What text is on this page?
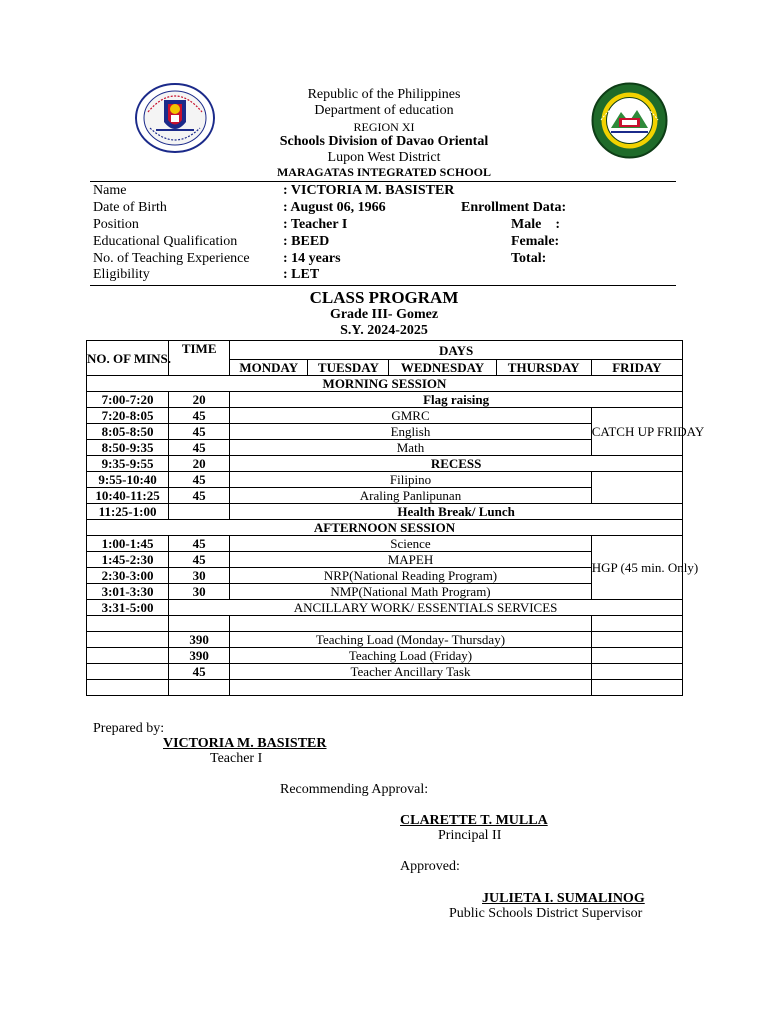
Republic of the Philippines
Department of education
REGION XI
Schools Division of Davao Oriental
Lupon West District
MARAGATAS INTEGRATED SCHOOL
Name	: VICTORIA M. BASISTER
Date of Birth	: August 06, 1966	Enrollment Data:
Position	: Teacher I	Male    :
Educational Qualification	: BEED	Female:
No. of Teaching Experience : 14 years	Total:
Eligibility	: LET
CLASS PROGRAM
Grade III- Gomez
S.Y. 2024-2025
NO. OF MINS.	TIME	DAYS				
		MONDAY	TUESDAY	WEDNESDAY	THURSDAY	FRIDAY
MORNING SESSION						
7:00-7:20	20	Flag raising				
7:20-8:05	45	GMRC				CATCH UP FRIDAY
8:05-8:50	45	English				
8:50-9:35	45	Math				
9:35-9:55	20	RECESS				
9:55-10:40	45	Filipino				
10:40-11:25	45	Araling Panlipunan				
11:25-1:00		Health Break/ Lunch				
AFTERNOON SESSION						
1:00-1:45	45	Science				HGP (45 min. Only)
1:45-2:30	45	MAPEH				
2:30-3:00	30	NRP(National Reading Program)				
3:01-3:30	30	NMP(National Math Program)				
3:31-5:00	ANCILLARY WORK/ ESSENTIALS SERVICES					

	390	Teaching Load (Monday- Thursday)				
	390	Teaching Load (Friday)				
	45	Teacher Ancillary Task				

Prepared by:
VICTORIA M. BASISTER
Teacher I
Recommending Approval:
CLARETTE T. MULLA
Principal II
Approved:
JULIETA I. SUMALINOG
Public Schools District Supervisor
